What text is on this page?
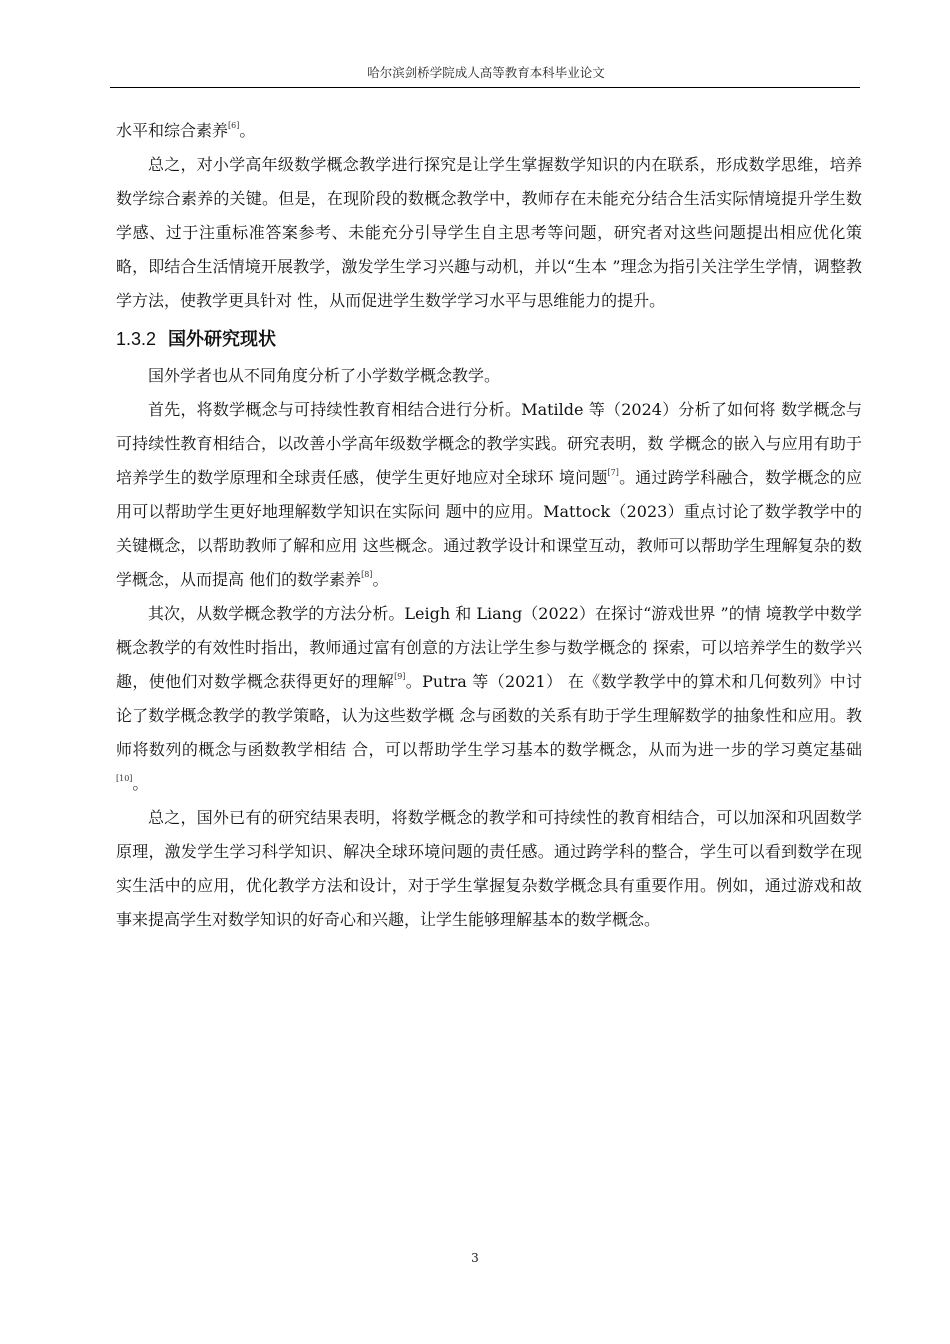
哈尔滨剑桥学院成人高等教育本科毕业论文

水平和综合素养[6]。

总之，对小学高年级数学概念教学进行探究是让学生掌握数学知识的内在联系，形成数学思维，培养数学综合素养的关键。但是，在现阶段的数概念教学中，教师存在未能充分结合生活实际情境提升学生数学感、过于注重标准答案参考、未能充分引导学生自主思考等问题，研究者对这些问题提出相应优化策略，即结合生活情境开展教学，激发学生学习兴趣与动机，并以“生本 ”理念为指引关注学生学情，调整教学方法，使教学更具针对 性，从而促进学生数学学习水平与思维能力的提升。

1.3.2 国外研究现状

国外学者也从不同角度分析了小学数学概念教学。

首先，将数学概念与可持续性教育相结合进行分析。Matilde 等（2024）分析了如何将 数学概念与可持续性教育相结合，以改善小学高年级数学概念的教学实践。研究表明，数 学概念的嵌入与应用有助于培养学生的数学原理和全球责任感，使学生更好地应对全球环 境问题[7]。通过跨学科融合，数学概念的应用可以帮助学生更好地理解数学知识在实际问 题中的应用。Mattock（2023）重点讨论了数学教学中的关键概念，以帮助教师了解和应用 这些概念。通过教学设计和课堂互动，教师可以帮助学生理解复杂的数学概念，从而提高 他们的数学素养[8]。

其次，从数学概念教学的方法分析。Leigh 和 Liang（2022）在探讨“游戏世界 ”的情 境教学中数学概念教学的有效性时指出，教师通过富有创意的方法让学生参与数学概念的 探索，可以培养学生的数学兴趣，使他们对数学概念获得更好的理解[9]。Putra 等（2021） 在《数学教学中的算术和几何数列》中讨论了数学概念教学的教学策略，认为这些数学概 念与函数的关系有助于学生理解数学的抽象性和应用。教师将数列的概念与函数教学相结 合，可以帮助学生学习基本的数学概念，从而为进一步的学习奠定基础[10]。

总之，国外已有的研究结果表明，将数学概念的教学和可持续性的教育相结合，可以加深和巩固数学原理，激发学生学习科学知识、解决全球环境问题的责任感。通过跨学科的整合，学生可以看到数学在现实生活中的应用，优化教学方法和设计，对于学生掌握复杂数学概念具有重要作用。例如，通过游戏和故事来提高学生对数学知识的好奇心和兴趣，让学生能够理解基本的数学概念。

3
